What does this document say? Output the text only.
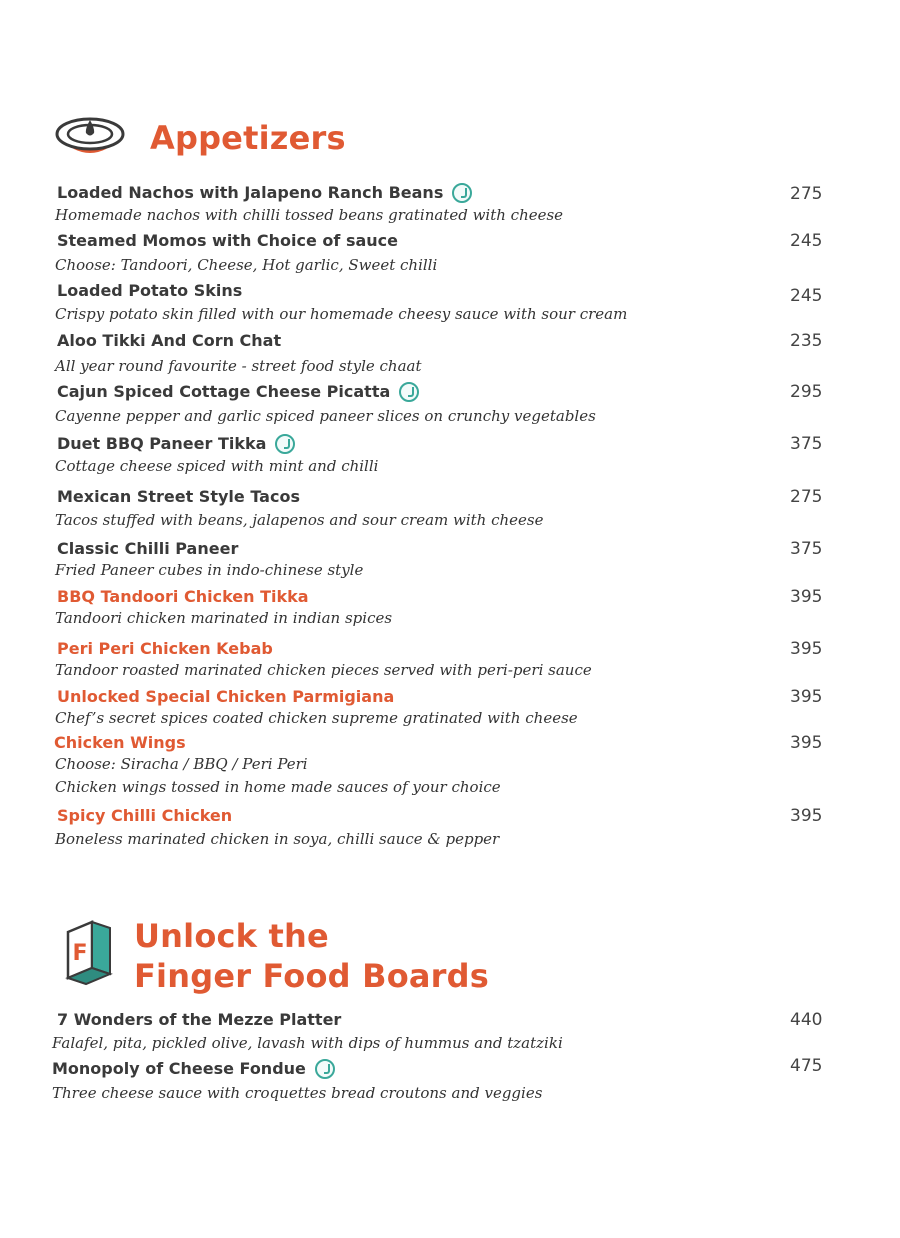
Appetizers
Loaded Nachos with Jalapeno Ranch Beans	275
Homemade nachos with chilli tossed beans gratinated with cheese
Steamed Momos with Choice of sauce	245
Choose: Tandoori, Cheese, Hot garlic, Sweet chilli
Loaded Potato Skins	245
Crispy potato skin filled with our homemade cheesy sauce with sour cream
Aloo Tikki And Corn Chat	235
All year round favourite - street food style chaat
Cajun Spiced Cottage Cheese Picatta	295
Cayenne pepper and garlic spiced paneer slices on crunchy vegetables
Duet BBQ Paneer Tikka	375
Cottage cheese spiced with mint and chilli
Mexican Street Style Tacos	275
Tacos stuffed with beans, jalapenos and sour cream with cheese
Classic Chilli Paneer	375
Fried Paneer cubes in indo-chinese style
BBQ Tandoori Chicken Tikka	395
Tandoori chicken marinated in indian spices
Peri Peri Chicken Kebab	395
Tandoor roasted marinated chicken pieces served with peri-peri sauce
Unlocked Special Chicken Parmigiana	395
Chef’s secret spices coated chicken supreme gratinated with cheese
Chicken Wings	395
Choose: Siracha / BBQ / Peri Peri
Chicken wings tossed in home made sauces of your choice
Spicy Chilli Chicken	395
Boneless marinated chicken in soya, chilli sauce & pepper
F Unlock the
Finger Food Boards
7 Wonders of the Mezze Platter	440
Falafel, pita, pickled olive, lavash with dips of hummus and tzatziki
Monopoly of Cheese Fondue	475
Three cheese sauce with croquettes bread croutons and veggies
